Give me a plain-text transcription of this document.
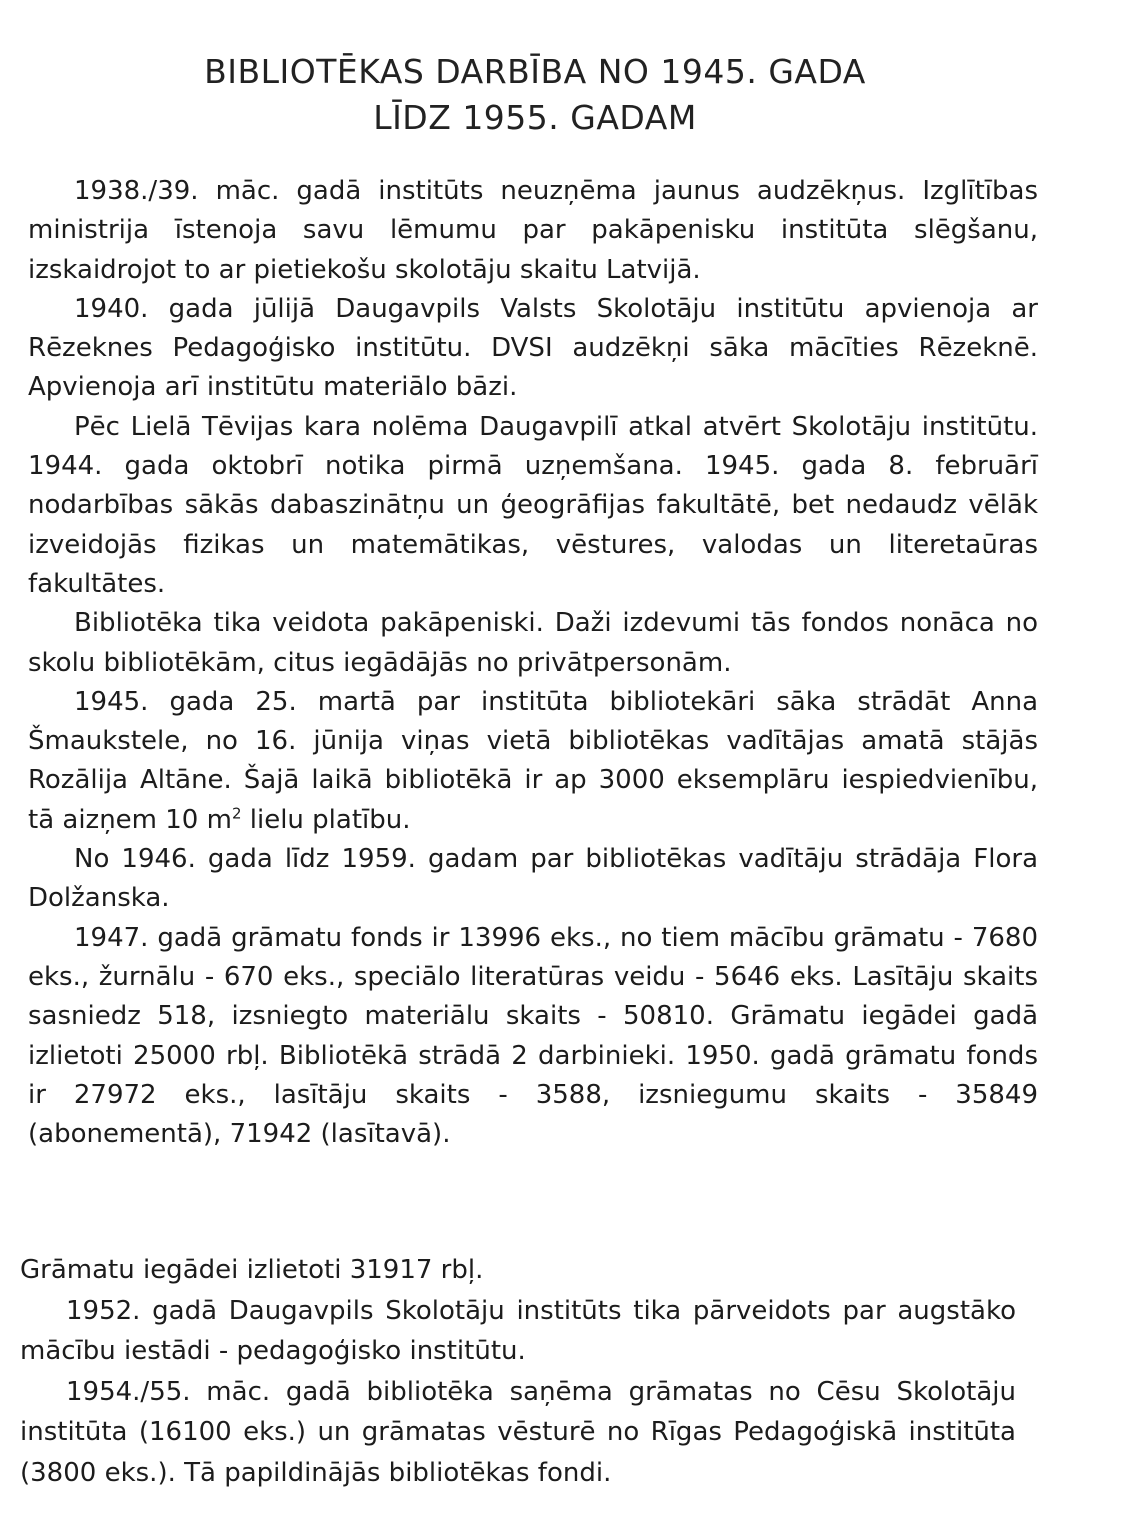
BIBLIOTĒKAS DARBĪBA NO 1945. GADA
LĪDZ 1955. GADAM

1938./39. māc. gadā institūts neuzņēma jaunus audzēkņus. Izglītības ministrija īstenoja savu lēmumu par pakāpenisku institūta slēgšanu, izskaidrojot to ar pietiekošu skolotāju skaitu Latvijā.

1940. gada jūlijā Daugavpils Valsts Skolotāju institūtu apvienoja ar Rēzeknes Pedagoģisko institūtu. DVSI audzēkņi sāka mācīties Rēzeknē. Apvienoja arī institūtu materiālo bāzi.

Pēc Lielā Tēvijas kara nolēma Daugavpilī atkal atvērt Skolotāju institūtu. 1944. gada oktobrī notika pirmā uzņemšana. 1945. gada 8. februārī nodarbības sākās dabaszinātņu un ģeogrāfijas fakultātē, bet nedaudz vēlāk izveidojās fizikas un matemātikas, vēstures, valodas un literetaūras fakultātes.

Bibliotēka tika veidota pakāpeniski. Daži izdevumi tās fondos nonāca no skolu bibliotēkām, citus iegādājās no privātpersonām.

1945. gada 25. martā par institūta bibliotekāri sāka strādāt Anna Šmaukstele, no 16. jūnija viņas vietā bibliotēkas vadītājas amatā stājās Rozālija Altāne. Šajā laikā bibliotēkā ir ap 3000 eksemplāru iespiedvienību, tā aizņem 10 $m^2$ lielu platību.

No 1946. gada līdz 1959. gadam par bibliotēkas vadītāju strādāja Flora Dolžanska.

1947. gadā grāmatu fonds ir 13996 eks., no tiem mācību grāmatu - 7680 eks., žurnālu - 670 eks., speciālo literatūras veidu - 5646 eks. Lasītāju skaits sasniedz 518, izsniegto materiālu skaits - 50810. Grāmatu iegādei gadā izlietoti 25000 rbļ. Bibliotēkā strādā 2 darbinieki. 1950. gadā grāmatu fonds ir 27972 eks., lasītāju skaits - 3588, izsniegumu skaits - 35849 (abonementā), 71942 (lasītavā).

Grāmatu iegādei izlietoti 31917 rbļ.

1952. gadā Daugavpils Skolotāju institūts tika pārveidots par augstāko mācību iestādi - pedagoģisko institūtu.

1954./55. māc. gadā bibliotēka saņēma grāmatas no Cēsu Skolotāju institūta (16100 eks.) un grāmatas vēsturē no Rīgas Pedagoģiskā institūta (3800 eks.). Tā papildinājās bibliotēkas fondi.
